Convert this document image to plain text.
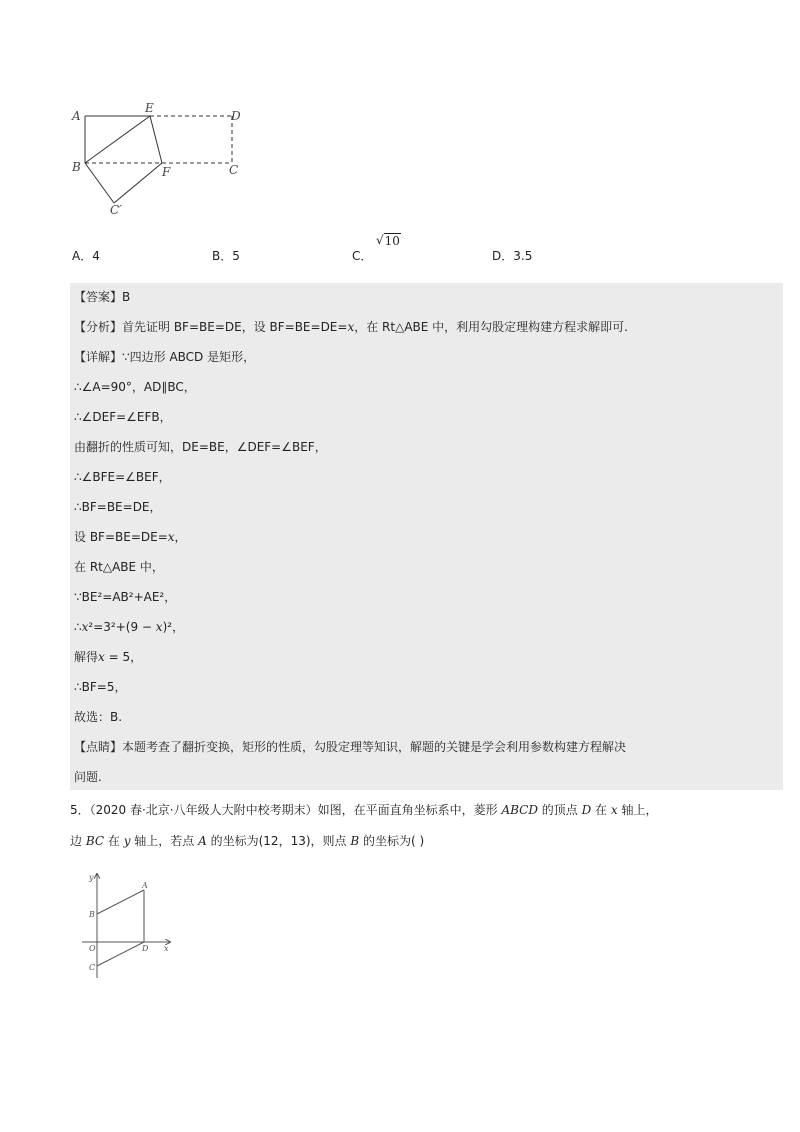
A
E
D
B	F	C
C′
A．4	B．5	C．
√ 10
D．3.5
【答案】B
【分析】首先证明 BF=BE=DE，设 BF=BE=DE=x，在 Rt△ABE 中，利用勾股定理构建方程求解即可.
【详解】∵四边形 ABCD 是矩形，
∴∠A=90°，AD∥BC，
∴∠DEF=∠EFB，
由翻折的性质可知，DE=BE，∠DEF=∠BEF，
∴∠BFE=∠BEF，
∴BF=BE=DE，
设 BF=BE=DE=x，
在 Rt△ABE 中，
∵BE²=AB²+AE²，
∴x²=3²+(9 − x)²，
解得x = 5，
∴BF=5，
故选：B.
【点睛】本题考查了翻折变换，矩形的性质，勾股定理等知识，解题的关键是学会利用参数构建方程解决
问题.
5．（2020 春·北京·八年级人大附中校考期末）如图，在平面直角坐标系中，菱形 ABCD 的顶点 D 在 x 轴上，
边 BC 在 y 轴上，若点 A 的坐标为(12，13)，则点 B 的坐标为( )
y
A
B
O	D x
C
